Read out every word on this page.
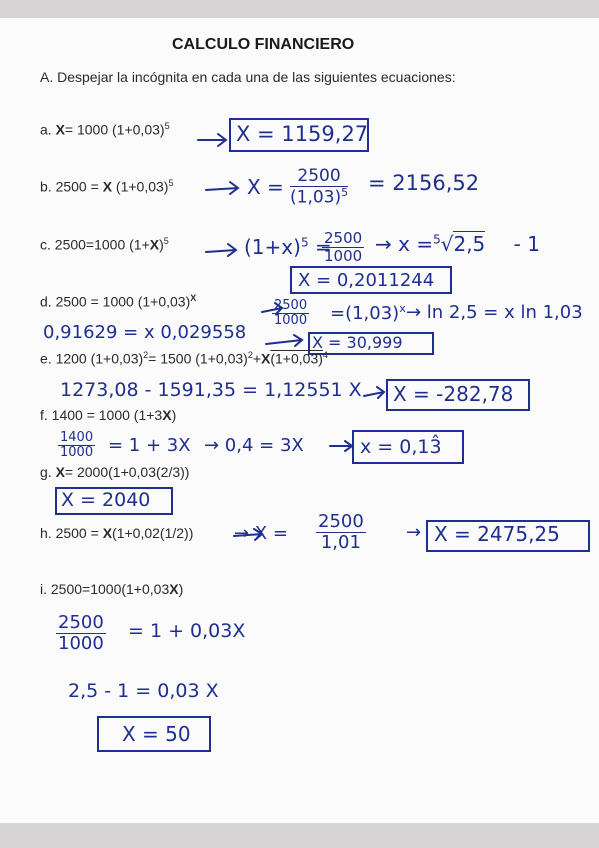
CALCULO FINANCIERO
A. Despejar la incógnita en cada una de las siguientes ecuaciones:
a. X= 1000 $(1+0,03)^5$	X = 1159,27
b. 2500 = X $(1+0,03)^5$	$X = \frac{2500}{(1,03)^5} = 2156,52$
c. 2500=1000 $(1+X)^5$	$(1+x)^5$ =
$\frac{2500}{1000} \to x =^5√2,5 - 1$
X = 0,2011244
d. 2500 = 1000 $(1+0,03)^X$
$\frac{2500}{1000} =(1,03)^x \to \ln 2,5 = x$ ln 1,03
0,91629 = x 0,029558	X = 30,999
e. 1200 $(1+0,03)^2= 1500$ $(1+0,03)^2+X(1+0,03)^4$
1273,08 - 1591,35 = 1,12551 X X = -282,78
f. 1400 = 1000 (1+3X)
$\frac{1400}{1000} = 1 + 3X \to 0,4 = 3X$	x = 0,13̂
g. X= 2000(1+0,03(2/3))
X = 2040
h. $2500 = X(1+0,02(1/2)) \to X = \frac{2500}{1,01} \to X = 2475,25$
i. 2500=1000(1+0,03X)
$\frac{2500}{1000} = 1 + 0,03X$
2,5 - 1 = 0,03 X
X = 50
